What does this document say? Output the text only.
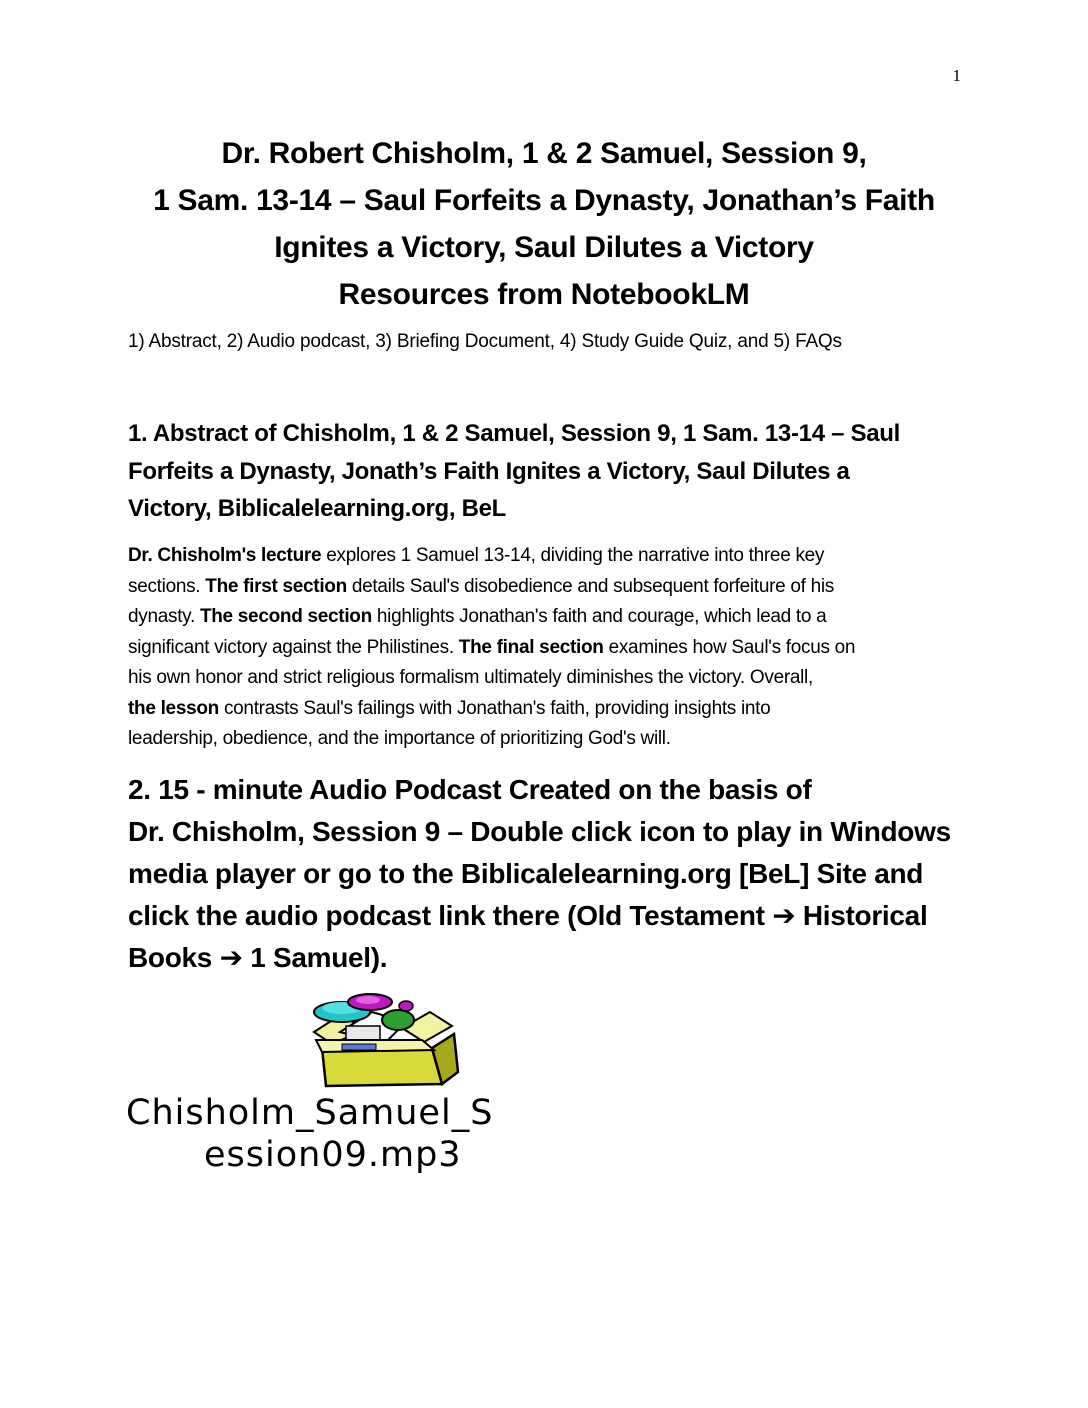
1
Dr. Robert Chisholm, 1 & 2 Samuel, Session 9,
1 Sam. 13-14 – Saul Forfeits a Dynasty, Jonathan’s Faith
Ignites a Victory, Saul Dilutes a Victory
Resources from NotebookLM
1) Abstract, 2) Audio podcast, 3) Briefing Document, 4) Study Guide Quiz, and 5) FAQs
1. Abstract of Chisholm, 1 & 2 Samuel, Session 9, 1 Sam. 13-14 – Saul
Forfeits a Dynasty, Jonath’s Faith Ignites a Victory, Saul Dilutes a
Victory, Biblicalelearning.org, BeL
Dr. Chisholm's lecture explores 1 Samuel 13-14, dividing the narrative into three key
sections. The first section details Saul's disobedience and subsequent forfeiture of his
dynasty. The second section highlights Jonathan's faith and courage, which lead to a
significant victory against the Philistines. The final section examines how Saul's focus on
his own honor and strict religious formalism ultimately diminishes the victory. Overall,
the lesson contrasts Saul's failings with Jonathan's faith, providing insights into
leadership, obedience, and the importance of prioritizing God's will.
2. 15 - minute Audio Podcast Created on the basis of
Dr. Chisholm, Session 9 – Double click icon to play in Windows
media player or go to the Biblicalelearning.org [BeL] Site and
click the audio podcast link there (Old Testament ➔ Historical
Books ➔ 1 Samuel).
Chisholm_Samuel_S
ession09.mp3
